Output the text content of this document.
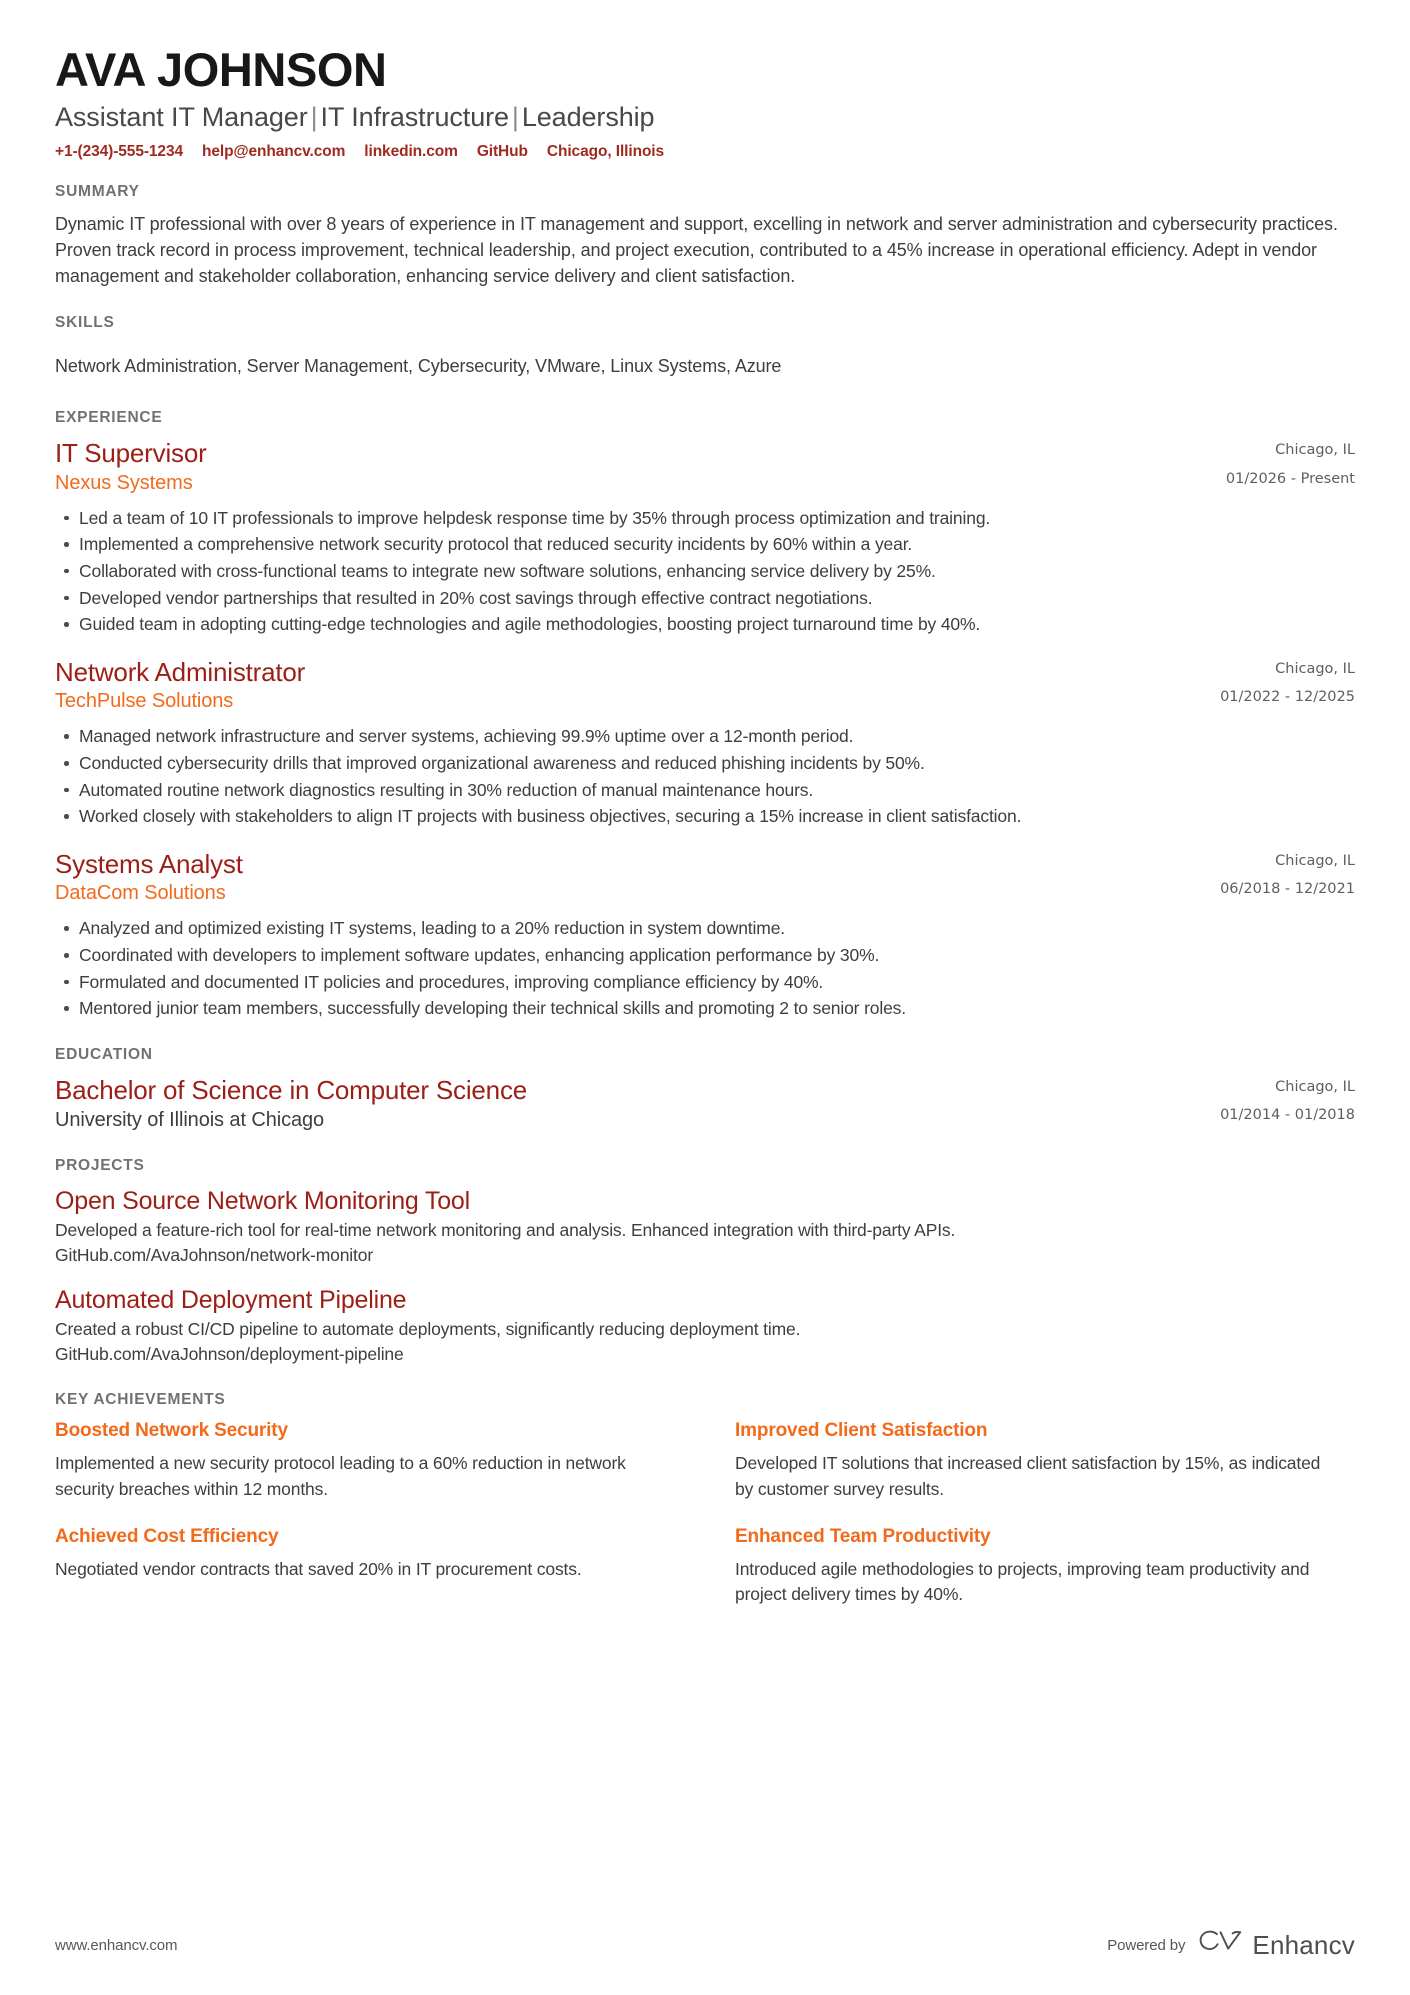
AVA JOHNSON
Assistant IT Manager | IT Infrastructure | Leadership
+1-(234)-555-1234 help@enhancv.com linkedin.com GitHub Chicago, Illinois
SUMMARY

Dynamic IT professional with over 8 years of experience in IT management and support, excelling in network and server administration and cybersecurity practices. Proven track record in process improvement, technical leadership, and project execution, contributed to a 45% increase in operational efficiency. Adept in vendor management and stakeholder collaboration, enhancing service delivery and client satisfaction.

SKILLS

Network Administration, Server Management, Cybersecurity, VMware, Linux Systems, Azure

EXPERIENCE
IT Supervisor
Nexus Systems
Chicago, IL
01/2026 - Present
Led a team of 10 IT professionals to improve helpdesk response time by 35% through process optimization and training.
Implemented a comprehensive network security protocol that reduced security incidents by 60% within a year.
Collaborated with cross-functional teams to integrate new software solutions, enhancing service delivery by 25%.
Developed vendor partnerships that resulted in 20% cost savings through effective contract negotiations.
Guided team in adopting cutting-edge technologies and agile methodologies, boosting project turnaround time by 40%.
Network Administrator
TechPulse Solutions
Chicago, IL
01/2022 - 12/2025
Managed network infrastructure and server systems, achieving 99.9% uptime over a 12-month period.
Conducted cybersecurity drills that improved organizational awareness and reduced phishing incidents by 50%.
Automated routine network diagnostics resulting in 30% reduction of manual maintenance hours.
Worked closely with stakeholders to align IT projects with business objectives, securing a 15% increase in client satisfaction.
Systems Analyst
DataCom Solutions
Chicago, IL
06/2018 - 12/2021
Analyzed and optimized existing IT systems, leading to a 20% reduction in system downtime.
Coordinated with developers to implement software updates, enhancing application performance by 30%.
Formulated and documented IT policies and procedures, improving compliance efficiency by 40%.
Mentored junior team members, successfully developing their technical skills and promoting 2 to senior roles.
EDUCATION
Bachelor of Science in Computer Science
University of Illinois at Chicago
Chicago, IL
01/2014 - 01/2018
PROJECTS
Open Source Network Monitoring Tool
Developed a feature-rich tool for real-time network monitoring and analysis. Enhanced integration with third-party APIs.
GitHub.com/AvaJohnson/network-monitor
Automated Deployment Pipeline
Created a robust CI/CD pipeline to automate deployments, significantly reducing deployment time.
GitHub.com/AvaJohnson/deployment-pipeline
KEY ACHIEVEMENTS
Boosted Network Security
Implemented a new security protocol leading to a 60% reduction in network security breaches within 12 months.
Improved Client Satisfaction
Developed IT solutions that increased client satisfaction by 15%, as indicated by customer survey results.
Achieved Cost Efficiency
Negotiated vendor contracts that saved 20% in IT procurement costs.
Enhanced Team Productivity
Introduced agile methodologies to projects, improving team productivity and project delivery times by 40%.
www.enhancv.com	Powered by	Enhancv
